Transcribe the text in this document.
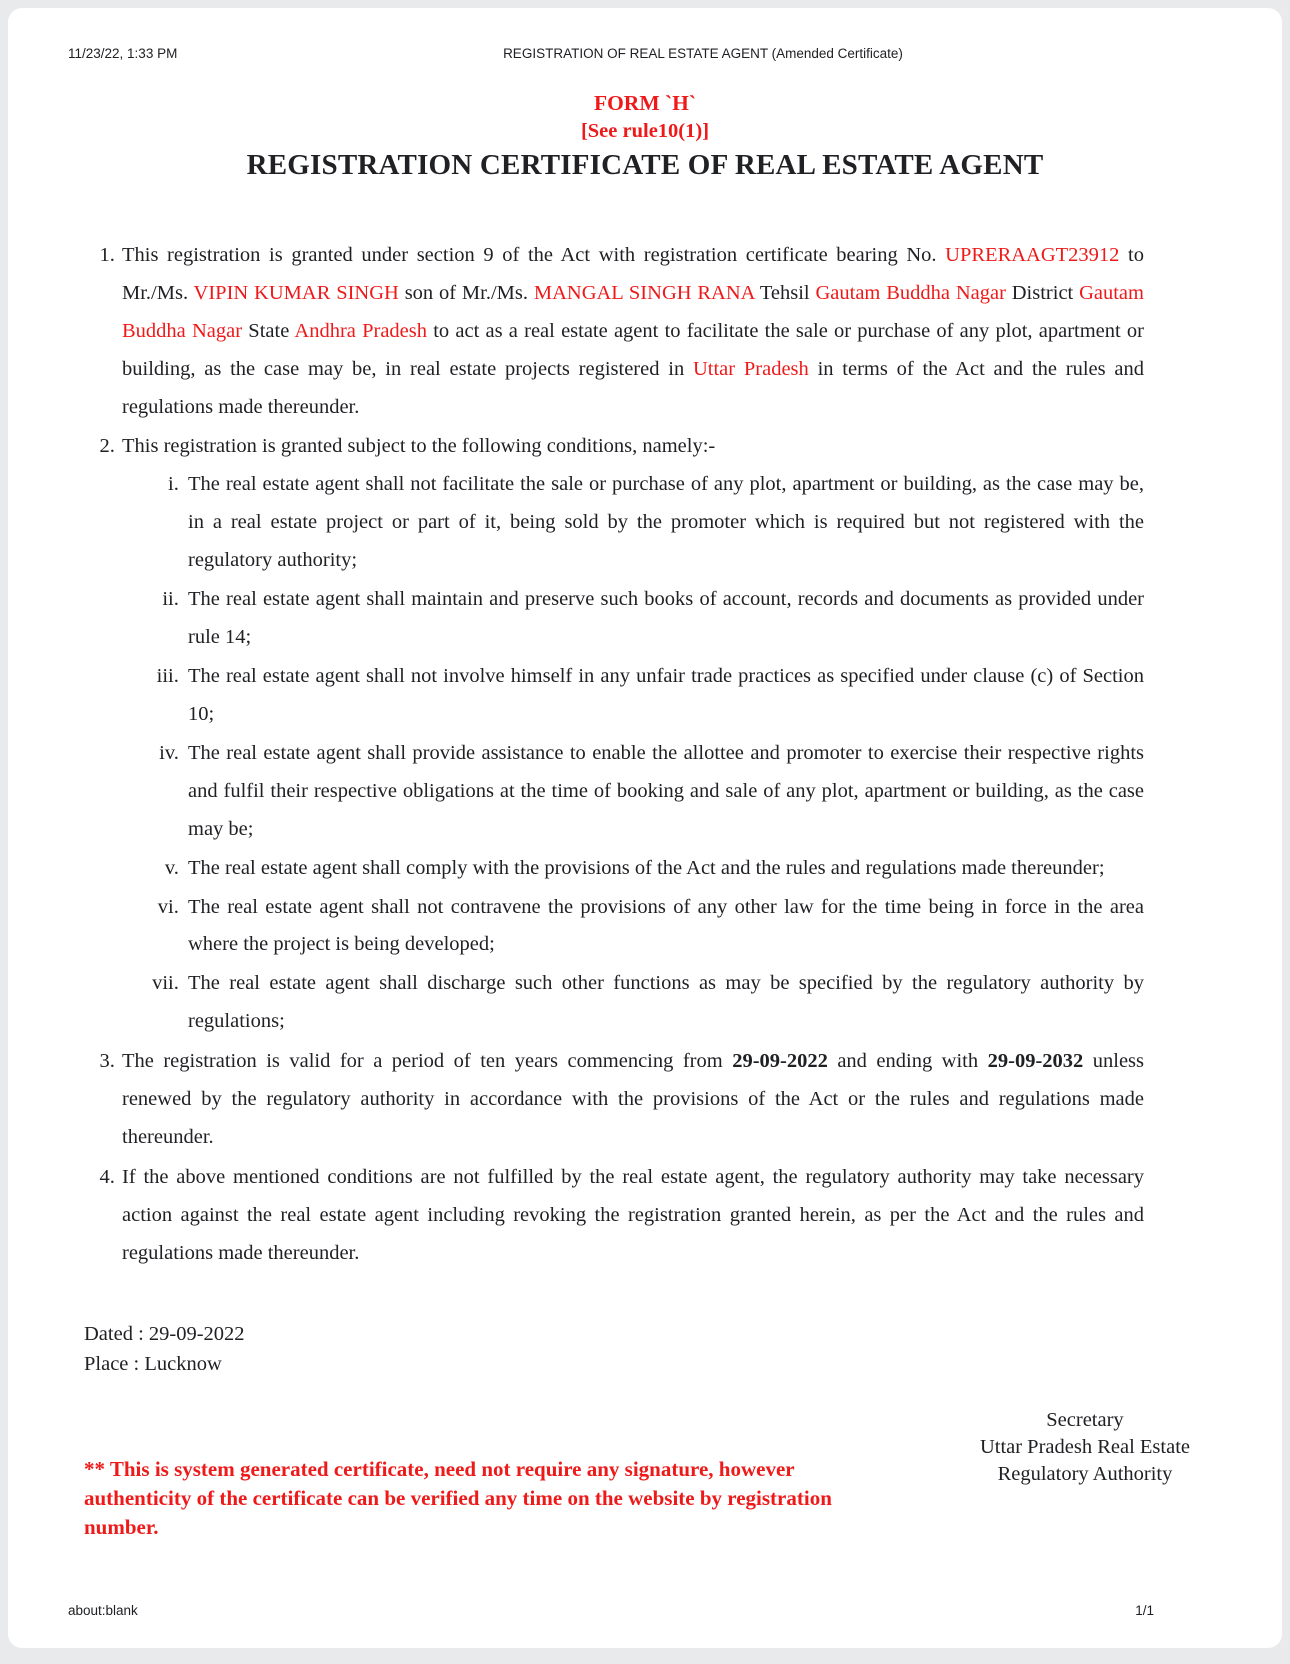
11/23/22, 1:33 PM	REGISTRATION OF REAL ESTATE AGENT (Amended Certificate)
FORM `H`
[See rule10(1)]
REGISTRATION CERTIFICATE OF REAL ESTATE AGENT
1. This registration is granted under section 9 of the Act with registration certificate bearing No. UPRERAAGT23912 to Mr./Ms. VIPIN KUMAR SINGH son of Mr./Ms. MANGAL SINGH RANA Tehsil Gautam Buddha Nagar District Gautam Buddha Nagar State Andhra Pradesh to act as a real estate agent to facilitate the sale or purchase of any plot, apartment or building, as the case may be, in real estate projects registered in Uttar Pradesh in terms of the Act and the rules and regulations made thereunder.
2. This registration is granted subject to the following conditions, namely:-
i. The real estate agent shall not facilitate the sale or purchase of any plot, apartment or building, as the case may be, in a real estate project or part of it, being sold by the promoter which is required but not registered with the regulatory authority;
ii. The real estate agent shall maintain and preserve such books of account, records and documents as provided under rule 14;
iii. The real estate agent shall not involve himself in any unfair trade practices as specified under clause (c) of Section 10;
iv. The real estate agent shall provide assistance to enable the allottee and promoter to exercise their respective rights and fulfil their respective obligations at the time of booking and sale of any plot, apartment or building, as the case may be;
v. The real estate agent shall comply with the provisions of the Act and the rules and regulations made thereunder;
vi. The real estate agent shall not contravene the provisions of any other law for the time being in force in the area where the project is being developed;
vii. The real estate agent shall discharge such other functions as may be specified by the regulatory authority by regulations;
3. The registration is valid for a period of ten years commencing from 29-09-2022 and ending with 29-09-2032 unless renewed by the regulatory authority in accordance with the provisions of the Act or the rules and regulations made thereunder.
4. If the above mentioned conditions are not fulfilled by the real estate agent, the regulatory authority may take necessary action against the real estate agent including revoking the registration granted herein, as per the Act and the rules and regulations made thereunder.
Dated : 29-09-2022
Place : Lucknow
** This is system generated certificate, need not require any signature, however authenticity of the certificate can be verified any time on the website by registration number.
Secretary
Uttar Pradesh Real Estate
Regulatory Authority
about:blank	1/1
